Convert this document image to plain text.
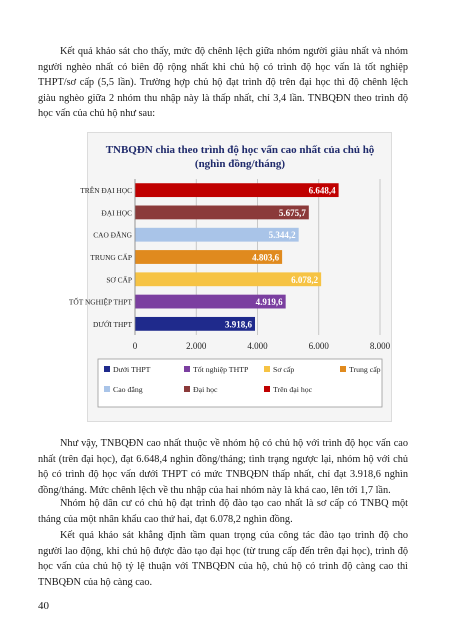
Kết quả khảo sát cho thấy, mức độ chênh lệch giữa nhóm người giàu nhất và nhóm người nghèo nhất có biên độ rộng nhất khi chủ hộ có trình độ học vấn là tốt nghiệp THPT/sơ cấp (5,5 lần). Trường hợp chủ hộ đạt trình độ trên đại học thì độ chênh lệch giàu nghèo giữa 2 nhóm thu nhập này là thấp nhất, chỉ 3,4 lần. TNBQĐN theo trình độ học vấn của chủ hộ như sau:

TNBQĐN chia theo trình độ học vấn cao nhất của chủ hộ
(nghìn đồng/tháng)
0	2.000	4.000	6.000	8.000
TRÊN ĐẠI HỌC	6.648,4
ĐẠI HỌC	5.675,7
CAO ĐẲNG	5.344,2
TRUNG CẤP	4.803,6
SƠ CẤP	6.078,2
TỐT NGHIỆP THPT	4.919,6
DƯỚI THPT	3.918,6
Dưới THPT	Tốt nghiệp THTP	Sơ cấp	Trung cấp
Cao đẳng	Đại học	Trên đại học

Như vậy, TNBQĐN cao nhất thuộc về nhóm hộ có chủ hộ với trình độ học vấn cao nhất (trên đại học), đạt 6.648,4 nghìn đồng/tháng; tình trạng ngược lại, nhóm hộ với chủ hộ có trình độ học vấn dưới THPT có mức TNBQĐN thấp nhất, chỉ đạt 3.918,6 nghìn đồng/tháng. Mức chênh lệch về thu nhập của hai nhóm này là khá cao, lên tới 1,7 lần.

Nhóm hộ dân cư có chủ hộ đạt trình độ đào tạo cao nhất là sơ cấp có TNBQ một tháng của một nhân khẩu cao thứ hai, đạt 6.078,2 nghìn đồng.

Kết quả khảo sát khẳng định tầm quan trọng của công tác đào tạo trình độ cho người lao động, khi chủ hộ được đào tạo đại học (từ trung cấp đến trên đại học), trình độ học vấn của chủ hộ tỷ lệ thuận với TNBQĐN của hộ, chủ hộ có trình độ càng cao thì TNBQĐN của hộ càng cao.

40
